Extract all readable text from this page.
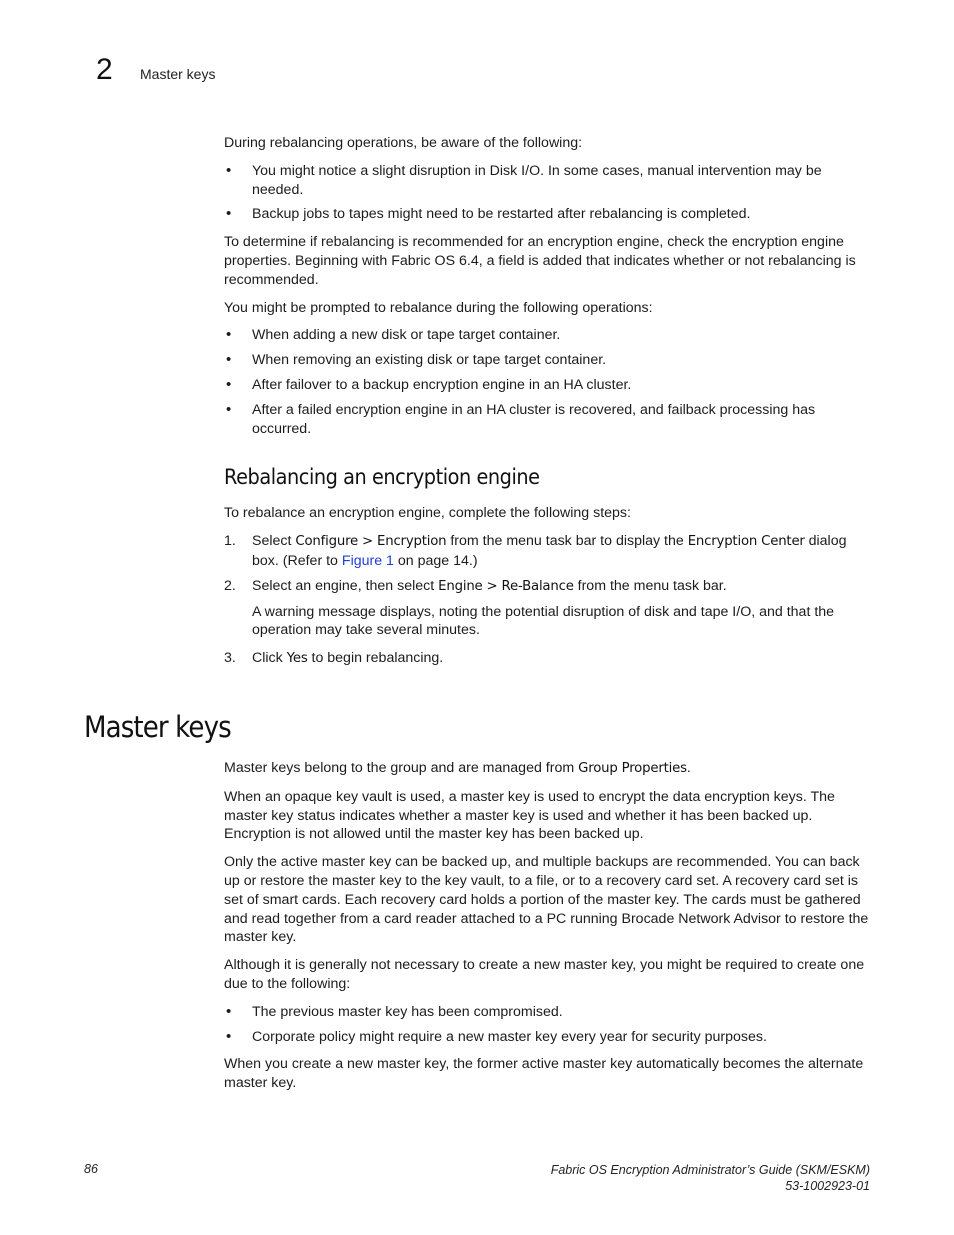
2 Master keys

During rebalancing operations, be aware of the following:

• You might notice a slight disruption in Disk I/O. In some cases, manual intervention may be needed.
• Backup jobs to tapes might need to be restarted after rebalancing is completed.

To determine if rebalancing is recommended for an encryption engine, check the encryption engine properties. Beginning with Fabric OS 6.4, a field is added that indicates whether or not rebalancing is recommended.

You might be prompted to rebalance during the following operations:

• When adding a new disk or tape target container.
• When removing an existing disk or tape target container.
• After failover to a backup encryption engine in an HA cluster.
• After a failed encryption engine in an HA cluster is recovered, and failback processing has occurred.
Rebalancing an encryption engine

To rebalance an encryption engine, complete the following steps:

1. Select Configure > Encryption from the menu task bar to display the Encryption Center dialog box. (Refer to Figure 1 on page 14.)
2. Select an engine, then select Engine > Re-Balance from the menu task bar.

A warning message displays, noting the potential disruption of disk and tape I/O, and that the operation may take several minutes.

3. Click Yes to begin rebalancing.
Master keys

Master keys belong to the group and are managed from Group Properties.

When an opaque key vault is used, a master key is used to encrypt the data encryption keys. The master key status indicates whether a master key is used and whether it has been backed up. Encryption is not allowed until the master key has been backed up.

Only the active master key can be backed up, and multiple backups are recommended. You can back up or restore the master key to the key vault, to a file, or to a recovery card set. A recovery card set is set of smart cards. Each recovery card holds a portion of the master key. The cards must be gathered and read together from a card reader attached to a PC running Brocade Network Advisor to restore the master key.

Although it is generally not necessary to create a new master key, you might be required to create one due to the following:

• The previous master key has been compromised.
• Corporate policy might require a new master key every year for security purposes.

When you create a new master key, the former active master key automatically becomes the alternate master key.

86	Fabric OS Encryption Administrator’s Guide (SKM/ESKM)
53-1002923-01
